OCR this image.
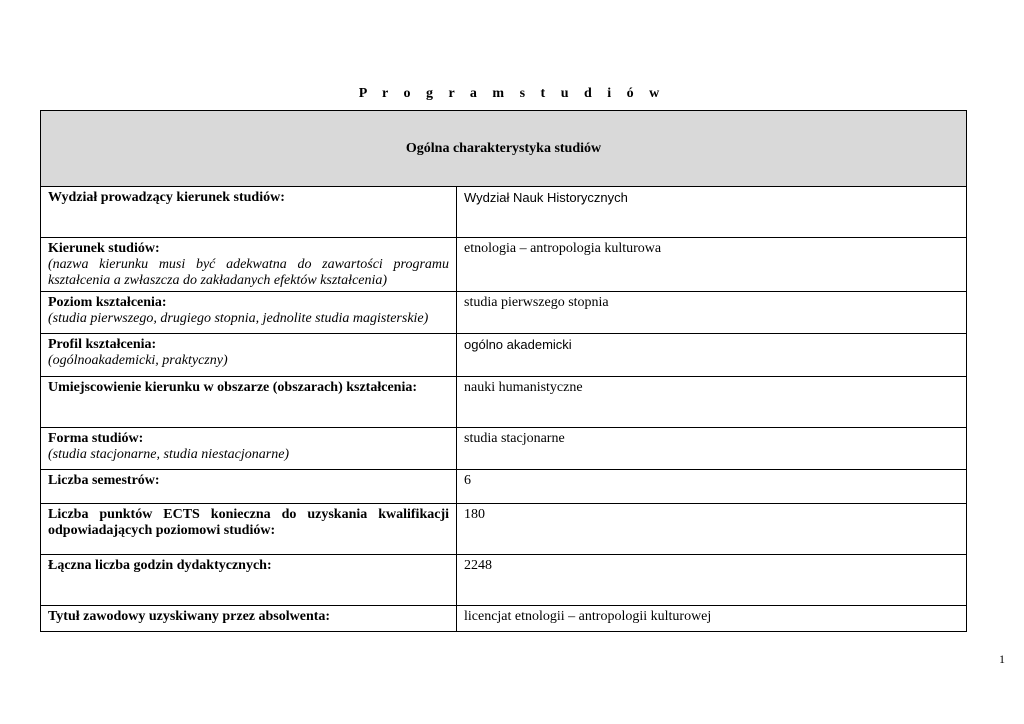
P r o g r a m s t u d i ó w
Ogólna charakterystyka studiów	

Wydział prowadzący kierunek studiów:	Wydział Nauk Historycznych

Kierunek studiów:
(nazwa kierunku musi być adekwatna do zawartości programu kształcenia a zwłaszcza do zakładanych efektów kształcenia)	etnologia – antropologia kulturowa

Poziom kształcenia:
(studia pierwszego, drugiego stopnia, jednolite studia magisterskie)	studia pierwszego stopnia

Profil kształcenia:
(ogólnoakademicki, praktyczny)	ogólno akademicki

Umiejscowienie kierunku w obszarze (obszarach) kształcenia:	nauki humanistyczne

Forma studiów:
(studia stacjonarne, studia niestacjonarne)	studia stacjonarne

Liczba semestrów:	6

Liczba punktów ECTS konieczna do uzyskania kwalifikacji odpowiadających poziomowi studiów:	180

Łączna liczba godzin dydaktycznych:	2248

Tytuł zawodowy uzyskiwany przez absolwenta:	licencjat etnologii – antropologii kulturowej
1
